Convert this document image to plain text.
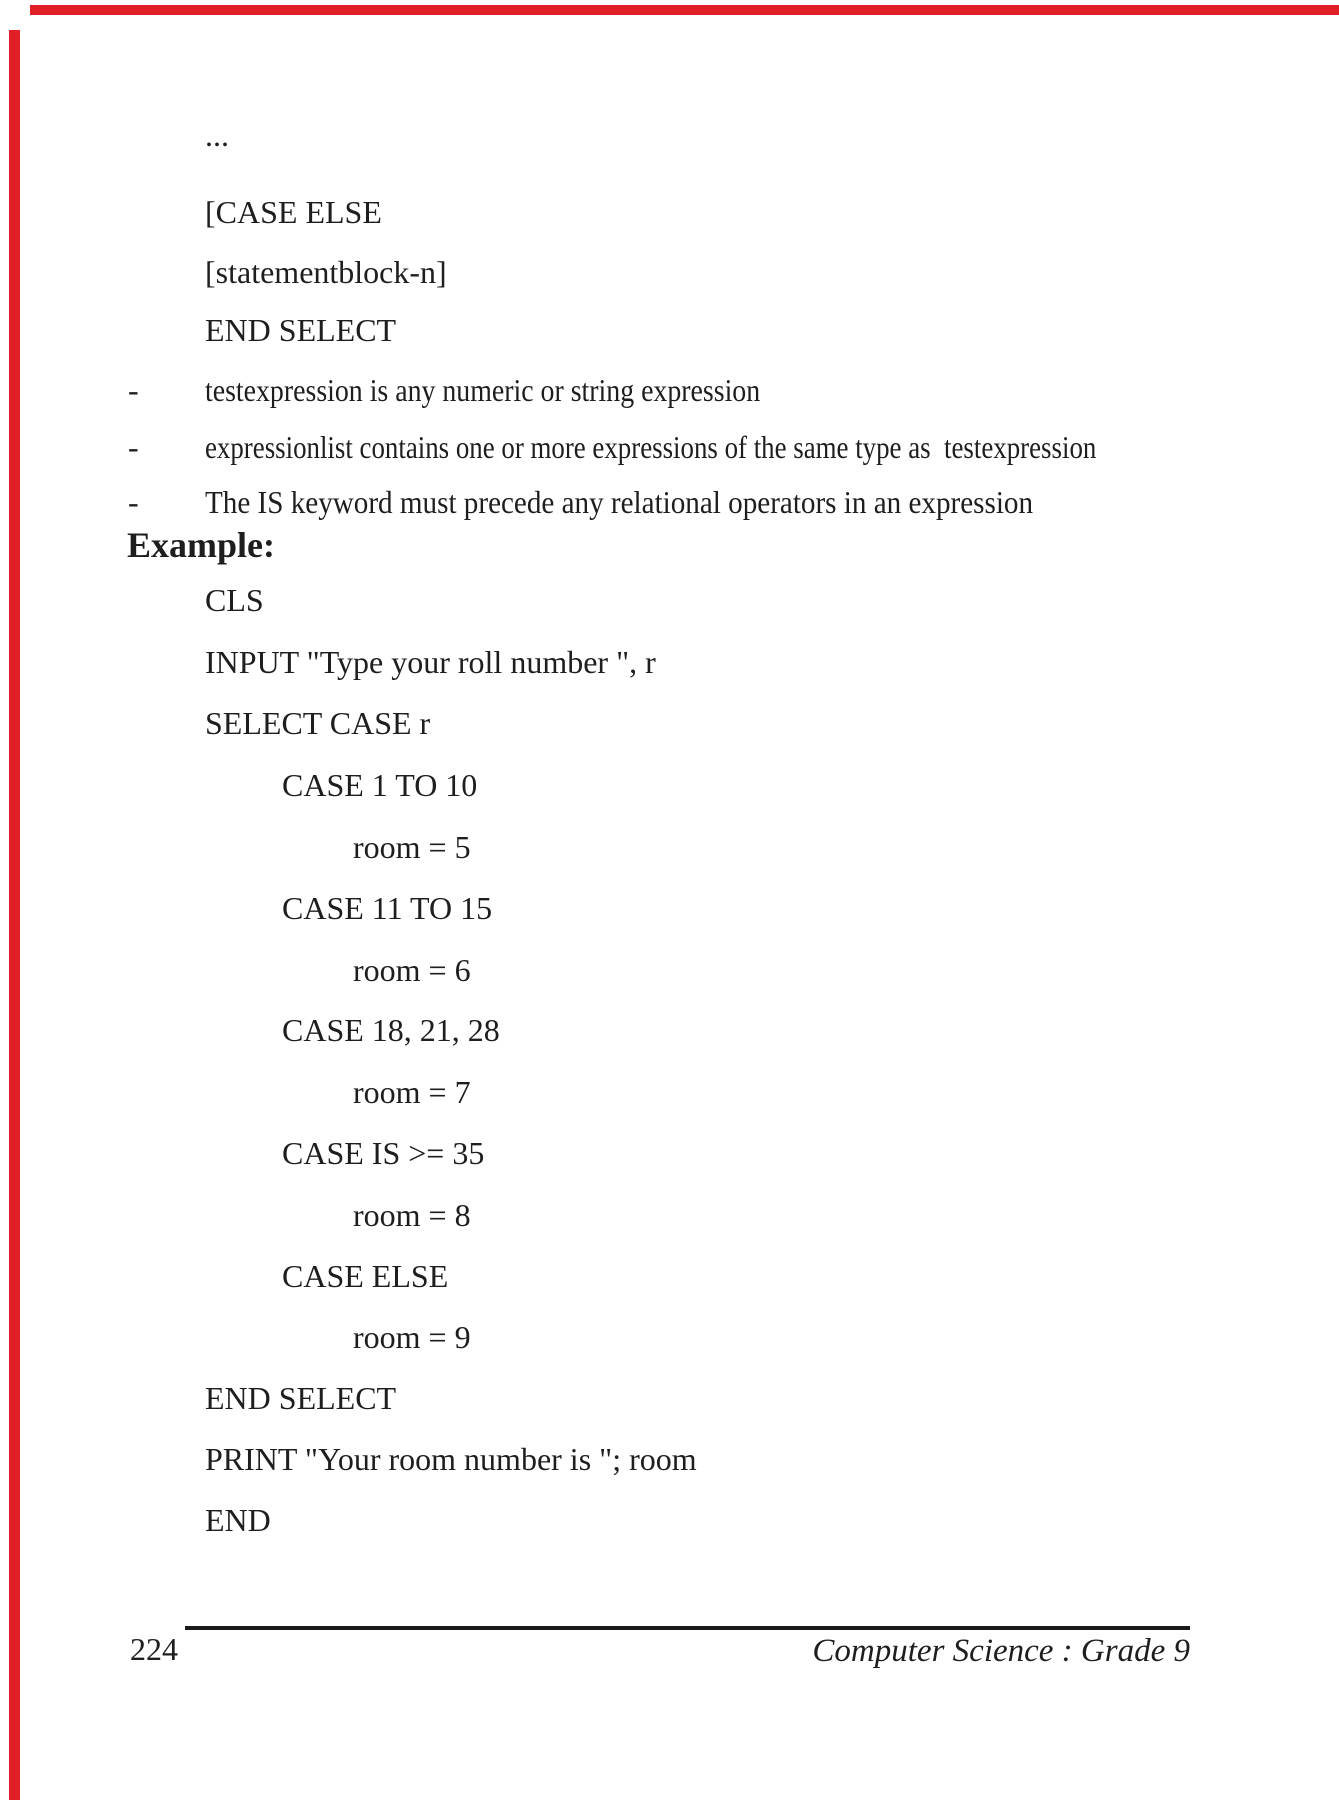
...
[CASE ELSE
[statementblock-n]
END SELECT
- testexpression is any numeric or string expression
- expressionlist contains one or more expressions of the same type as  testexpression
- The IS keyword must precede any relational operators in an expression
Example:
CLS
INPUT "Type your roll number ", r
SELECT CASE r
CASE 1 TO 10
room = 5
CASE 11 TO 15
room = 6
CASE 18, 21, 28
room = 7
CASE IS >= 35
room = 8
CASE ELSE
room = 9
END SELECT
PRINT "Your room number is "; room
END
224	Computer Science : Grade 9
